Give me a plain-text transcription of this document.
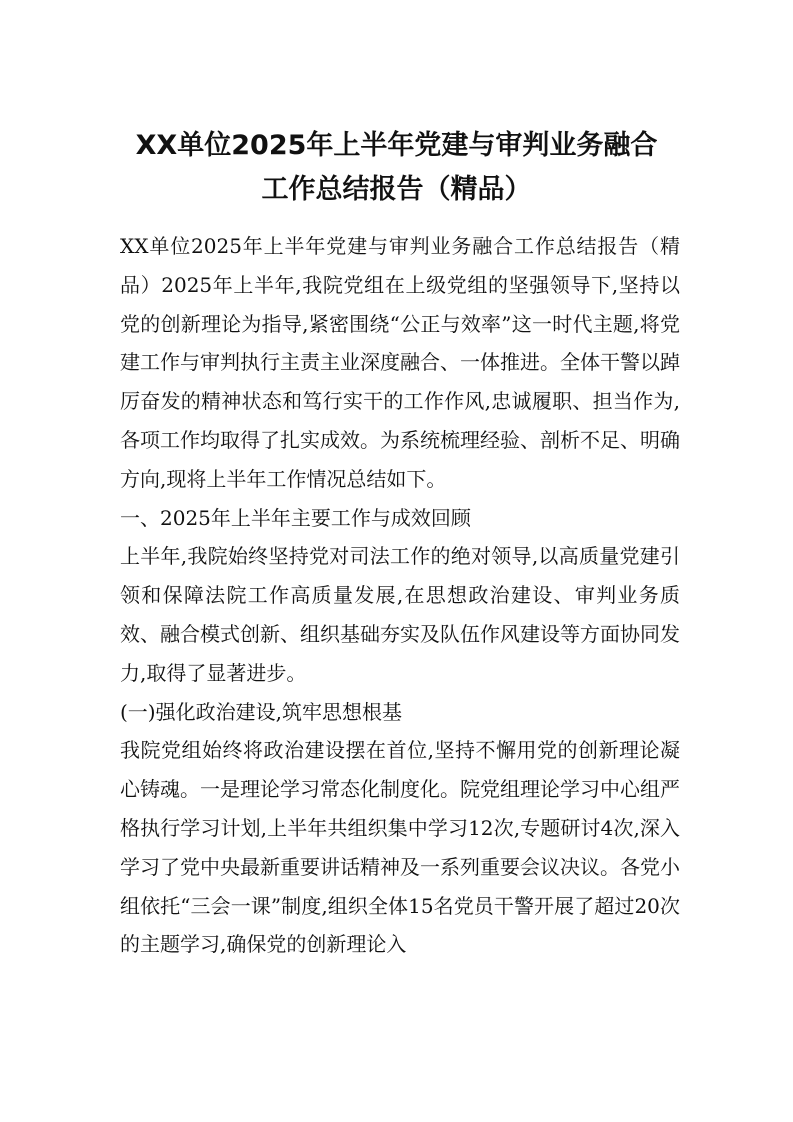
XX单位2025年上半年党建与审判业务融合
工作总结报告（精品）

XX单位2025年上半年党建与审判业务融合工作总结报告（精品）2025年上半年,我院党组在上级党组的坚强领导下,坚持以党的创新理论为指导,紧密围绕“公正与效率”这一时代主题,将党建工作与审判执行主责主业深度融合、一体推进。全体干警以踔厉奋发的精神状态和笃行实干的工作作风,忠诚履职、担当作为,各项工作均取得了扎实成效。为系统梳理经验、剖析不足、明确方向,现将上半年工作情况总结如下。

一、2025年上半年主要工作与成效回顾

上半年,我院始终坚持党对司法工作的绝对领导,以高质量党建引领和保障法院工作高质量发展,在思想政治建设、审判业务质效、融合模式创新、组织基础夯实及队伍作风建设等方面协同发力,取得了显著进步。

(一)强化政治建设,筑牢思想根基

我院党组始终将政治建设摆在首位,坚持不懈用党的创新理论凝心铸魂。一是理论学习常态化制度化。院党组理论学习中心组严格执行学习计划,上半年共组织集中学习12次,专题研讨4次,深入学习了党中央最新重要讲话精神及一系列重要会议决议。各党小组依托“三会一课”制度,组织全体15名党员干警开展了超过20次的主题学习,确保党的创新理论入
